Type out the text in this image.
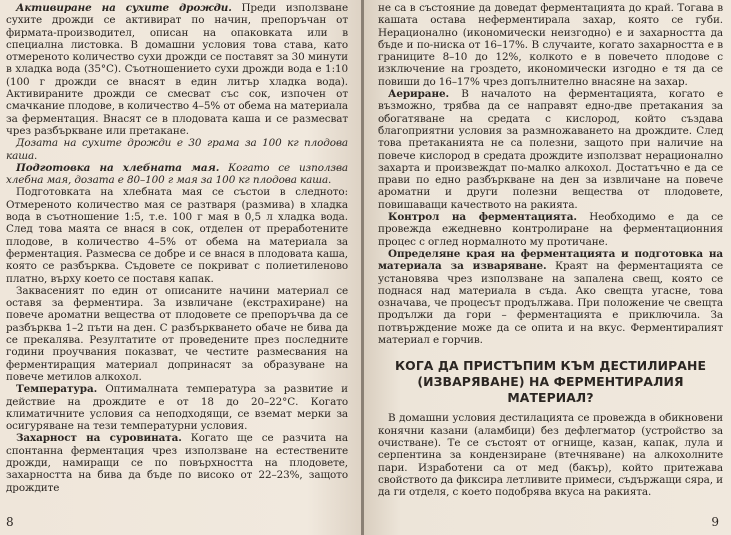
Активиране на сухите дрожди. Преди използване сухите дрожди се активират по начин, препоръчан от фирмата-производител, описан на опаковката или в специална листовка. В домашни условия това става, като отмереното количество сухи дрожди се поставят за 30 минути в хладка вода (35°С). Съотношението сухи дрожди вода е 1:10 (100 г дрожди се внасят в един литър хладка вода). Активираните дрожди се смесват със сок, изпочен от смачкание плодове, в количество 4–5% от обема на материала за ферментация. Внасят се в плодовата каша и се размесват чрез разбъркване или претакане.

Дозата на сухите дрожди е 30 грама за 100 кг плодова каша.

Подготовка на хлебната мая. Когато се използва хлебна мая, дозата е 80–100 г мая за 100 кг плодова каша.

Подготовката на хлебната мая се състои в следното: Отмереното количество мая се разтваря (размива) в хладка вода в съотношение 1:5, т.е. 100 г мая в 0,5 л хладка вода. След това маята се внася в сок, отделен от преработените плодове, в количество 4–5% от обема на материала за ферментация. Размесва се добре и се внася в плодовата каша, която се разбърква. Съдовете се покриват с полиетиленово платно, върху което се поставя капак.

Заквасеният по един от описаните начини материал се оставя за ферментира. За извличане (екстрахиране) на повече ароматни вещества от плодовете се препоръчва да се разбърква 1–2 пъти на ден. С разбъркването обаче не бива да се прекалява. Резултатите от проведените през последните години проучвания показват, че честите размесвания на ферментиращия материал допринасят за образуване на повече метилов алкохол.

Температура. Оптималната температура за развитие и действие на дрождите е от 18 до 20–22°С. Когато климатичните условия са неподходящи, се вземат мерки за осигуряване на тези температурни условия.

Захарност на суровината. Когато ще се разчита на спонтанна ферментация чрез използване на естествените дрожди, намиращи се по повърхността на плодовете, захарността на бива да бъде по високо от 22–23%, защото дрождите

8

не са в състояние да доведат ферментацията до край. Тогава в кашата остава неферментирала захар, която се губи. Нерационално (икономически неизгодно) е и захарността да бъде и по-ниска от 16–17%. В случаите, когато захарността е в границите 8–10 до 12%, колкото е в повечето плодове с изключение на гроздето, икономически изгодно е тя да се повиши до 16–17% чрез допълнително внасяне на захар.

Аериране. В началото на ферментацията, когато е възможно, трябва да се направят едно-две претакания за обогатяване на средата с кислород, който създава благоприятни условия за размножаването на дрождите. След това претаканията не са полезни, защото при наличие на повече кислород в средата дрождите използват нерационално захарта и произвеждат по-малко алкохол. Достатъчно е да се прави по едно разбъркване на ден за извличане на повече ароматни и други полезни вещества от плодовете, повишаващи качеството на ракията.

Контрол на ферментацията. Необходимо е да се провежда ежедневно контролиране на ферментационния процес с оглед нормалното му протичане.

Определяне края на ферментацията и подготовка на материала за изваряване. Краят на ферментацията се установява чрез използване на запалена свещ, която се поднася над материала в съда. Ако свещта угасне, това означава, че процесът продължава. При положение че свещта продължи да гори – ферментацията е приключила. За потвърждение може да се опита и на вкус. Ферментиралият материал е горчив.

КОГА ДА ПРИСТЪПИМ КЪМ ДЕСТИЛИРАНЕ (ИЗВАРЯВАНЕ) НА ФЕРМЕНТИРАЛИЯ МАТЕРИАЛ?

В домашни условия дестилацията се провежда в обикновени конячни казани (аламбици) без дефлегматор (устройство за очистване). Те се състоят от огнище, казан, капак, лула и серпентина за кондензиране (втечняване) на алкохолните пари. Изработени са от мед (бакър), който притежава свойството да фиксира летливите примеси, съдържащи сяра, и да ги отделя, с което подобрява вкуса на ракията.

9
